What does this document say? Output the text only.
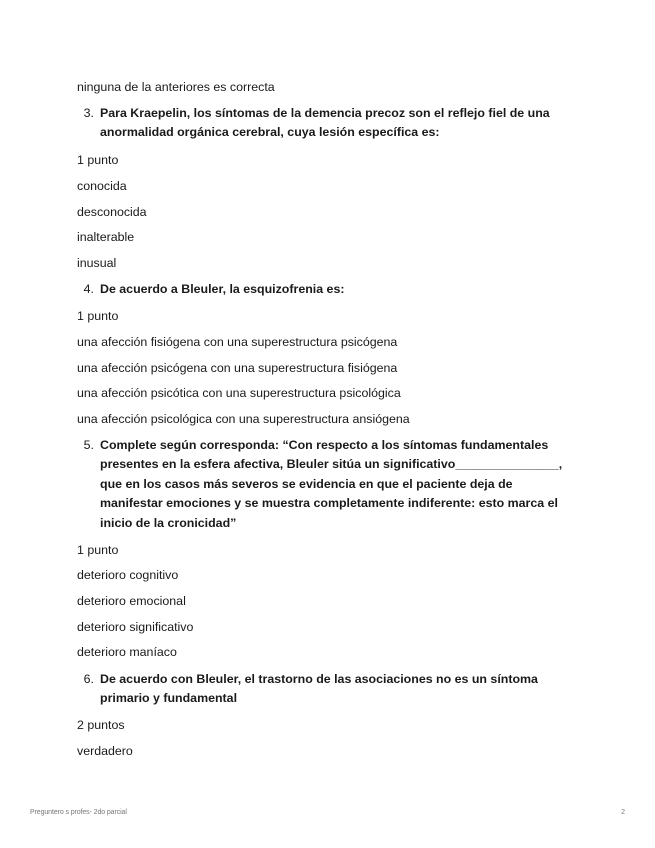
ninguna de la anteriores es correcta
3. Para Kraepelin, los síntomas de la demencia precoz son el reflejo fiel de una anormalidad orgánica cerebral, cuya lesión específica es:
1 punto
conocida
desconocida
inalterable
inusual
4. De acuerdo a Bleuler, la esquizofrenia es:
1 punto
una afección fisiógena con una superestructura psicógena
una afección psicógena con una superestructura fisiógena
una afección psicótica con una superestructura psicológica
una afección psicológica con una superestructura ansiógena
5. Complete según corresponda: “Con respecto a los síntomas fundamentales presentes en la esfera afectiva, Bleuler sitúa un significativo_______________, que en los casos más severos se evidencia en que el paciente deja de manifestar emociones y se muestra completamente indiferente: esto marca el inicio de la cronicidad”
1 punto
deterioro cognitivo
deterioro emocional
deterioro significativo
deterioro maníaco
6. De acuerdo con Bleuler, el trastorno de las asociaciones no es un síntoma primario y fundamental
2 puntos
verdadero
Preguntero s profes- 2do parcial	2
